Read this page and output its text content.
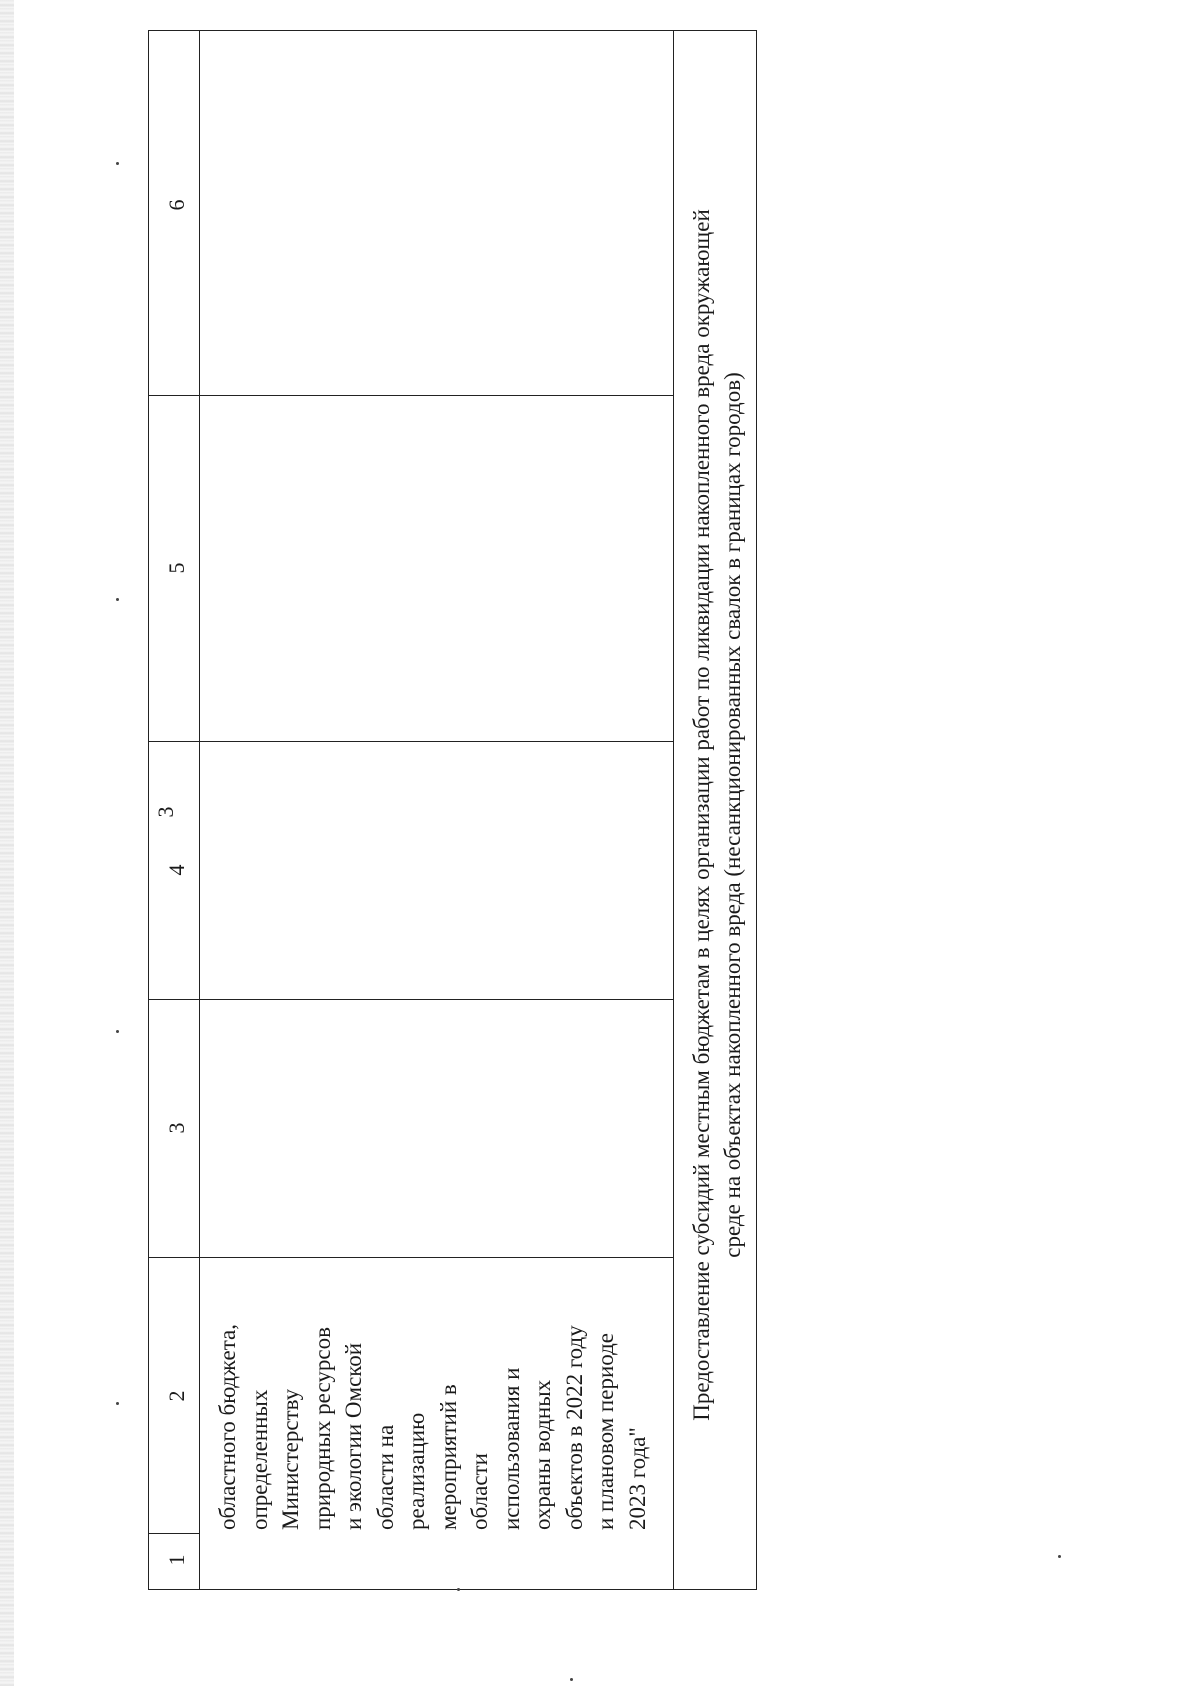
3
1
2
3
4
5
6
областного бюджета, определенных Министерству природных ресурсов и экологии Омской области на реализацию мероприятий в области использования и охраны водных объектов в 2022 году и плановом периоде 2023 года"
Предоставление субсидий местным бюджетам в целях организации работ по ликвидации накопленного вреда окружающей среде на объектах накопленного вреда (несанкционированных свалок в границах городов)
